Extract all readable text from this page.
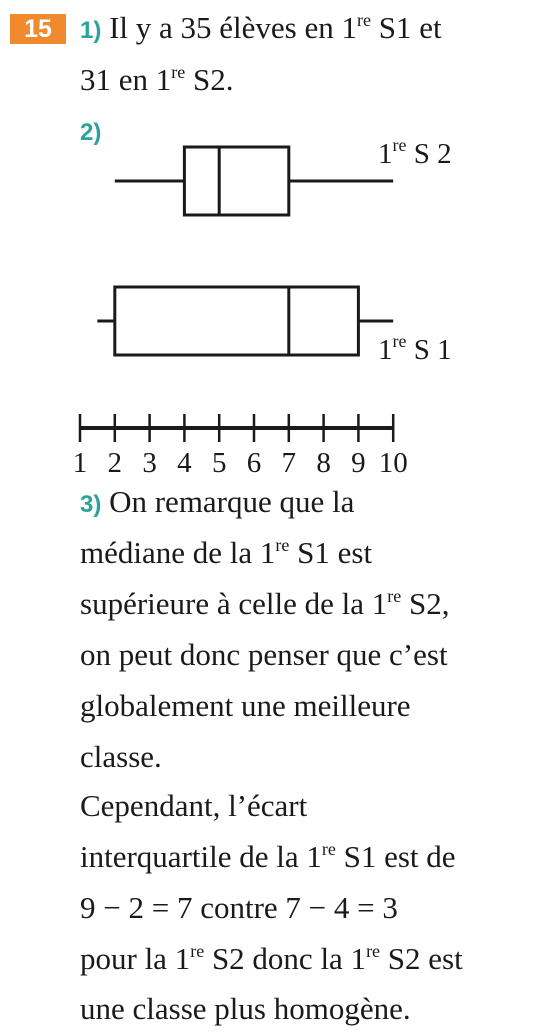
15	1) Il y a 35 élèves en 1re S1 et
31 en 1re S2.
2)
1re S 2
1re S 1
1 2 3 4 5 6 7 8 9 10
3) On remarque que la
médiane de la 1re S1 est
supérieure à celle de la 1re S2,
on peut donc penser que c’est
globalement une meilleure
classe.
Cependant, l’écart
interquartile de la 1re S1 est de
9 − 2 = 7 contre 7 − 4 = 3
pour la 1re S2 donc la 1re S2 est
une classe plus homogène.
